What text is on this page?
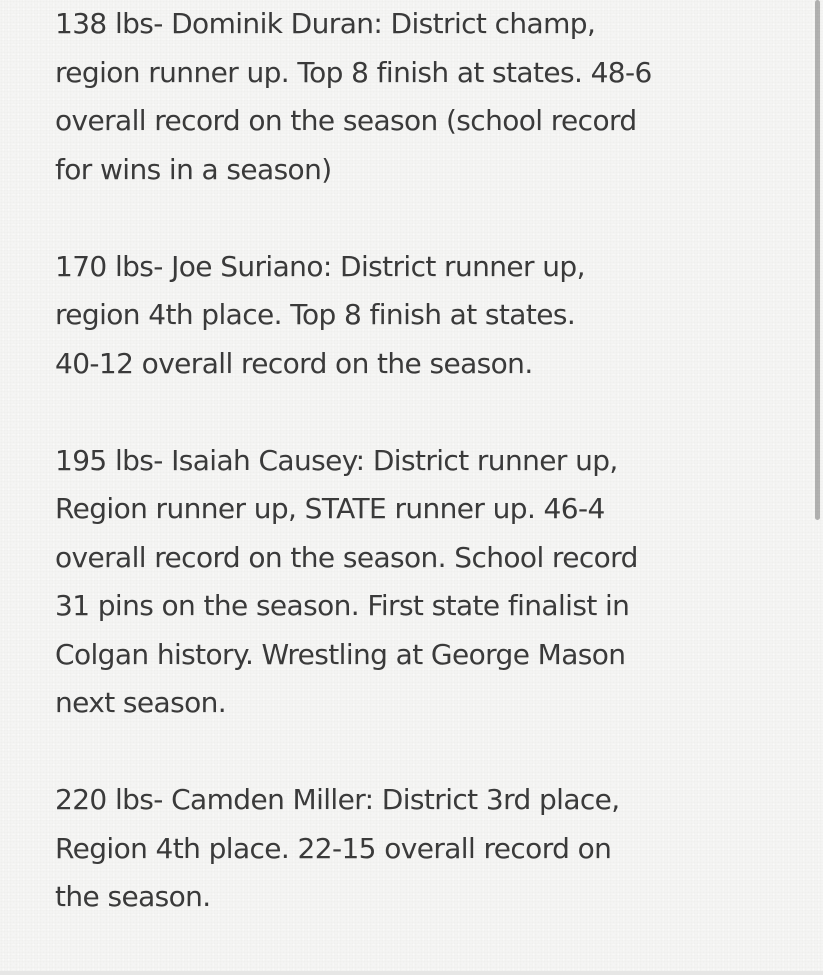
138 lbs- Dominik Duran: District champ,
region runner up. Top 8 finish at states. 48-6
overall record on the season (school record
for wins in a season)

170 lbs- Joe Suriano: District runner up,
region 4th place. Top 8 finish at states.
40-12 overall record on the season.

195 lbs- Isaiah Causey: District runner up,
Region runner up, STATE runner up. 46-4
overall record on the season. School record
31 pins on the season. First state finalist in
Colgan history. Wrestling at George Mason
next season.

220 lbs- Camden Miller: District 3rd place,
Region 4th place. 22-15 overall record on
the season.
